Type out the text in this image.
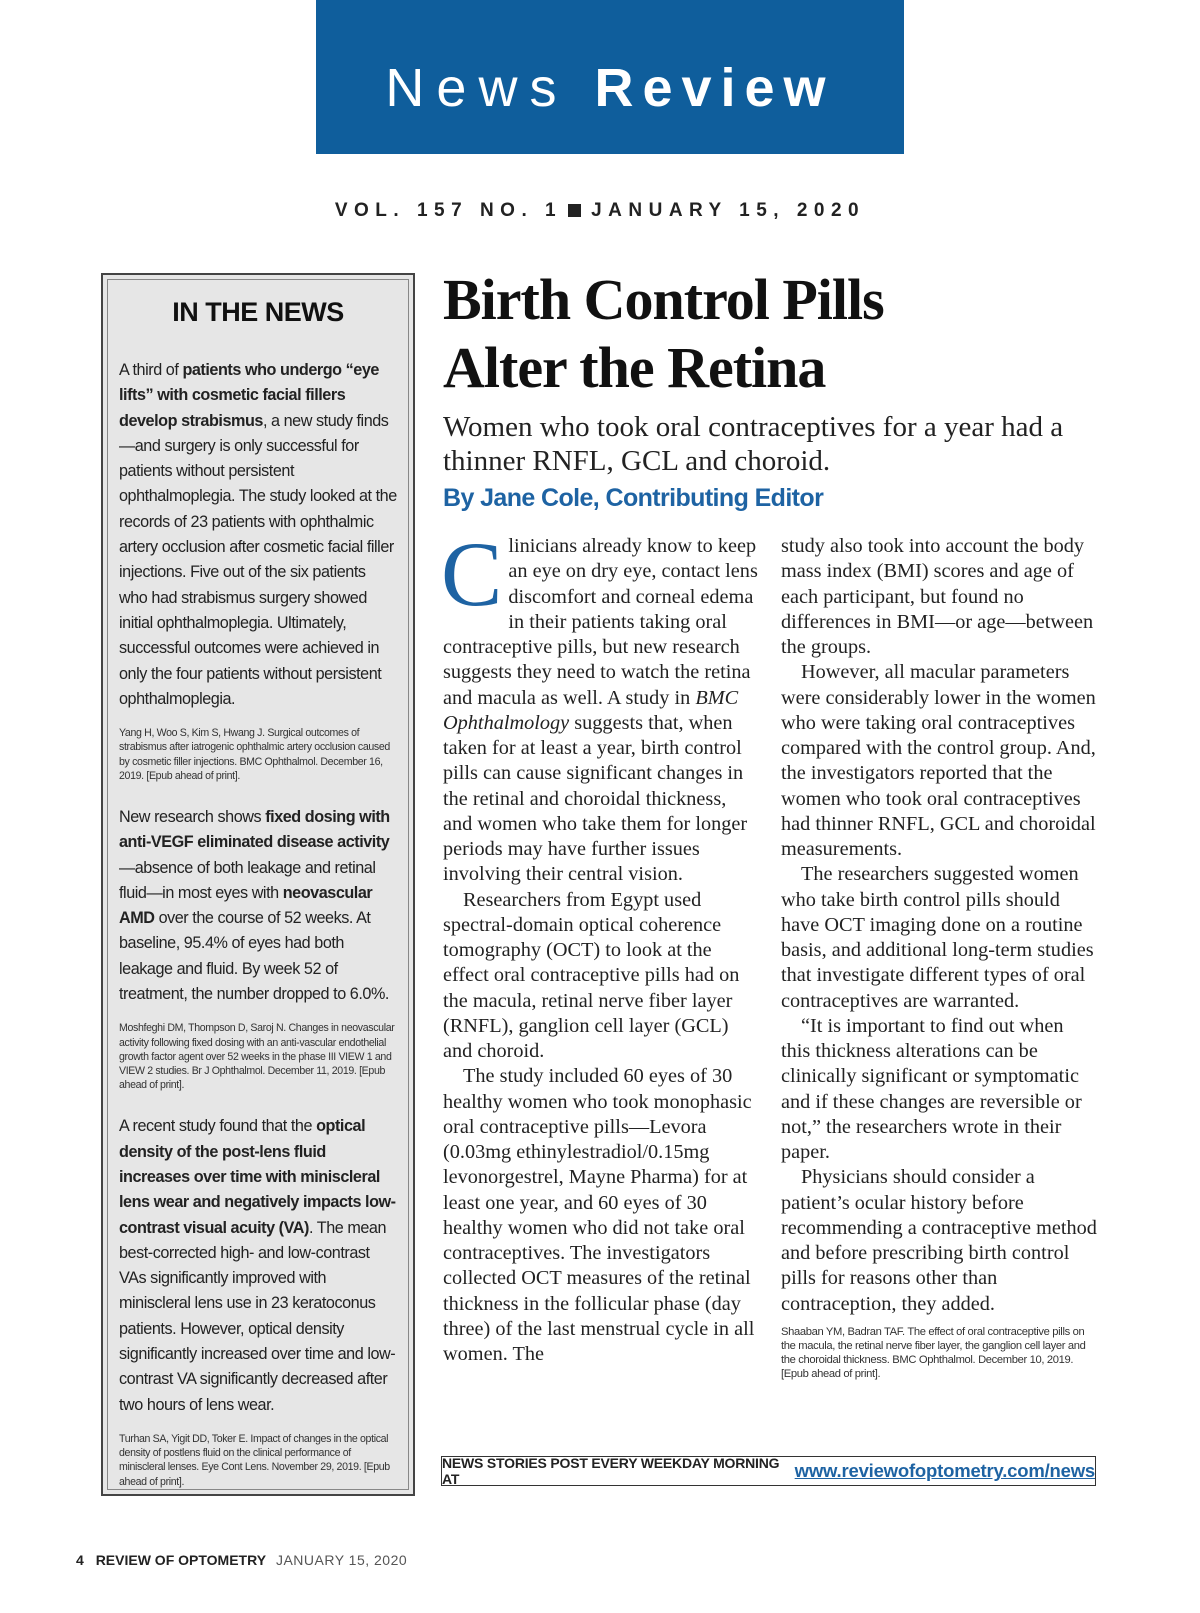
News Review
VOL. 157 NO. 1 JANUARY 15, 2020
IN THE NEWS

A third of patients who undergo “eye lifts” with cosmetic facial fillers develop strabismus, a new study finds—and surgery is only successful for patients without persistent ophthalmoplegia. The study looked at the records of 23 patients with ophthalmic artery occlusion after cosmetic facial filler injections. Five out of the six patients who had strabismus surgery showed initial ophthalmoplegia. Ultimately, successful outcomes were achieved in only the four patients without persistent ophthalmoplegia.

Yang H, Woo S, Kim S, Hwang J. Surgical outcomes of strabismus after iatrogenic ophthalmic artery occlusion caused by cosmetic filler injections. BMC Ophthalmol. December 16, 2019. [Epub ahead of print].

New research shows fixed dosing with anti-VEGF eliminated disease activity—absence of both leakage and retinal fluid—in most eyes with neovascular AMD over the course of 52 weeks. At baseline, 95.4% of eyes had both leakage and fluid. By week 52 of treatment, the number dropped to 6.0%.

Moshfeghi DM, Thompson D, Saroj N. Changes in neovascular activity following fixed dosing with an anti-vascular endothelial growth factor agent over 52 weeks in the phase III VIEW 1 and VIEW 2 studies. Br J Ophthalmol. December 11, 2019. [Epub ahead of print].

A recent study found that the optical density of the post-lens fluid increases over time with miniscleral lens wear and negatively impacts low-contrast visual acuity (VA). The mean best-corrected high- and low-contrast VAs significantly improved with miniscleral lens use in 23 keratoconus patients. However, optical density significantly increased over time and low-contrast VA significantly decreased after two hours of lens wear.

Turhan SA, Yigit DD, Toker E. Impact of changes in the optical density of postlens fluid on the clinical performance of miniscleral lenses. Eye Cont Lens. November 29, 2019. [Epub ahead of print].

Birth Control Pills
Alter the Retina

Women who took oral contraceptives for a year had a thinner RNFL, GCL and choroid.

By Jane Cole, Contributing Editor

Clinicians already know to keep an eye on dry eye, contact lens discomfort and corneal edema in their patients taking oral contraceptive pills, but new research suggests they need to watch the retina and macula as well. A study in BMC Ophthalmology suggests that, when taken for at least a year, birth control pills can cause significant changes in the retinal and choroidal thickness, and women who take them for longer periods may have further issues involving their central vision.

Researchers from Egypt used spectral-domain optical coherence tomography (OCT) to look at the effect oral contraceptive pills had on the macula, retinal nerve fiber layer (RNFL), ganglion cell layer (GCL) and choroid.

The study included 60 eyes of 30 healthy women who took monophasic oral contraceptive pills—Levora (0.03mg ethinylestradiol/0.15mg levonorgestrel, Mayne Pharma) for at least one year, and 60 eyes of 30 healthy women who did not take oral contraceptives. The investigators collected OCT measures of the retinal thickness in the follicular phase (day three) of the last menstrual cycle in all women. The

study also took into account the body mass index (BMI) scores and age of each participant, but found no differences in BMI—or age—between the groups.

However, all macular parameters were considerably lower in the women who were taking oral contraceptives compared with the control group. And, the investigators reported that the women who took oral contraceptives had thinner RNFL, GCL and choroidal measurements.

The researchers suggested women who take birth control pills should have OCT imaging done on a routine basis, and additional long-term studies that investigate different types of oral contraceptives are warranted.

“It is important to find out when this thickness alterations can be clinically significant or symptomatic and if these changes are reversible or not,” the researchers wrote in their paper.

Physicians should consider a patient’s ocular history before recommending a contraceptive method and before prescribing birth control pills for reasons other than contraception, they added.

Shaaban YM, Badran TAF. The effect of oral contraceptive pills on the macula, the retinal nerve fiber layer, the ganglion cell layer and the choroidal thickness. BMC Ophthalmol. December 10, 2019. [Epub ahead of print].

NEWS STORIES POST EVERY WEEKDAY MORNING AT	www.reviewofoptometry.com/news
4 REVIEW OF OPTOMETRY JANUARY 15, 2020
